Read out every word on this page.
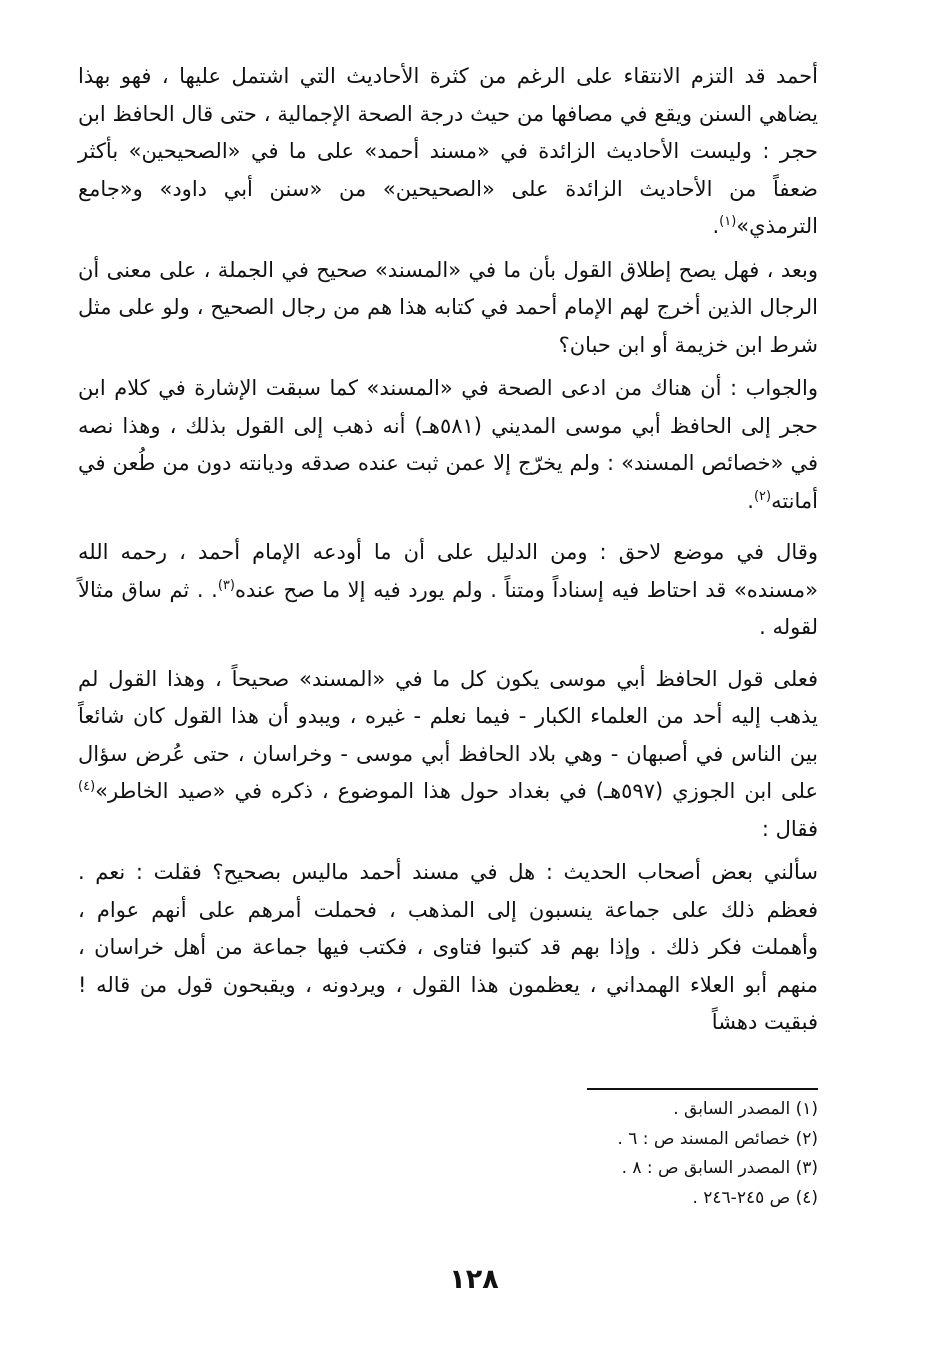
أحمد قد التزم الانتقاء على الرغم من كثرة الأحاديث التي اشتمل عليها ، فهو بهذا يضاهي السنن ويقع في مصافها من حيث درجة الصحة الإجمالية ، حتى قال الحافظ ابن حجر : وليست الأحاديث الزائدة في «مسند أحمد» على ما في «الصحيحين» بأكثر ضعفاً من الأحاديث الزائدة على «الصحيحين» من «سنن أبي داود» و«جامع الترمذي»$^{(١)}$.

وبعد ، فهل يصح إطلاق القول بأن ما في «المسند» صحيح في الجملة ، على معنى أن الرجال الذين أخرج لهم الإمام أحمد في كتابه هذا هم من رجال الصحيح ، ولو على مثل شرط ابن خزيمة أو ابن حبان؟

والجواب : أن هناك من ادعى الصحة في «المسند» كما سبقت الإشارة في كلام ابن حجر إلى الحافظ أبي موسى المديني (٥٨١هـ) أنه ذهب إلى القول بذلك ، وهذا نصه في «خصائص المسند» : ولم يخرّج إلا عمن ثبت عنده صدقه وديانته دون من طُعن في أمانته$^{(٢)}$.

وقال في موضع لاحق : ومن الدليل على أن ما أودعه الإمام أحمد ، رحمه الله «مسنده» قد احتاط فيه إسناداً ومتناً . ولم يورد فيه إلا ما صح عنده$^{(٣)}$. . ثم ساق مثالاً لقوله .

فعلى قول الحافظ أبي موسى يكون كل ما في «المسند» صحيحاً ، وهذا القول لم يذهب إليه أحد من العلماء الكبار - فيما نعلم - غيره ، ويبدو أن هذا القول كان شائعاً بين الناس في أصبهان - وهي بلاد الحافظ أبي موسى - وخراسان ، حتى عُرض سؤال على ابن الجوزي (٥٩٧هـ) في بغداد حول هذا الموضوع ، ذكره في «صيد الخاطر»$^{(٤)}$ فقال :

سألني بعض أصحاب الحديث : هل في مسند أحمد ماليس بصحيح؟ فقلت : نعم . فعظم ذلك على جماعة ينسبون إلى المذهب ، فحملت أمرهم على أنهم عوام ، وأهملت فكر ذلك . وإذا بهم قد كتبوا فتاوى ، فكتب فيها جماعة من أهل خراسان ، منهم أبو العلاء الهمداني ، يعظمون هذا القول ، ويردونه ، ويقبحون قول من قاله ! فبقيت دهشاً

(١) المصدر السابق .
(٢) خصائص المسند ص : ٦ .
(٣) المصدر السابق ص : ٨ .
(٤) ص ٢٤٥-٢٤٦ .
١٢٨
